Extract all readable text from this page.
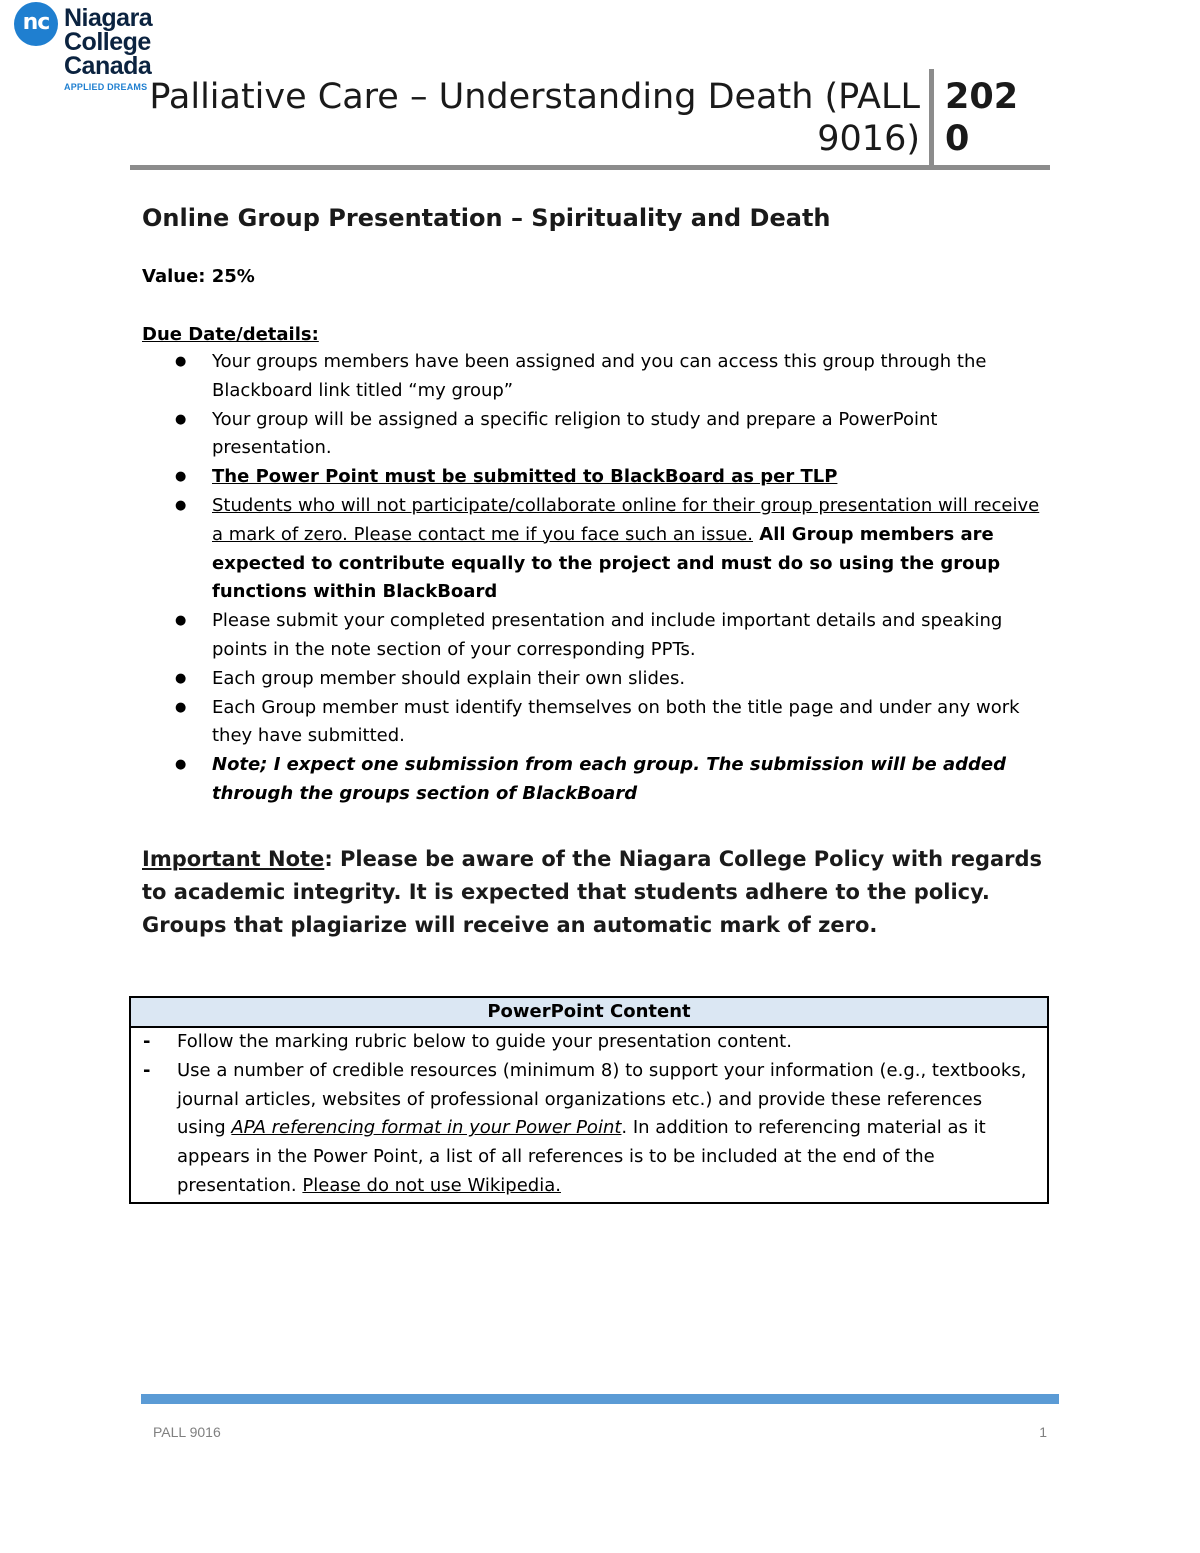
nc Niagara
College
Canada
APPLIED DREAMS Palliative Care – Understanding Death (PALL 9016)
2020
Online Group Presentation – Spirituality and Death

Value: 25%

Due Date/details:

● Your groups members have been assigned and you can access this group through the Blackboard link titled “my group”
● Your group will be assigned a specific religion to study and prepare a PowerPoint presentation.
● The Power Point must be submitted to BlackBoard as per TLP
● Students who will not participate/collaborate online for their group presentation will receive a mark of zero. Please contact me if you face such an issue. All Group members are expected to contribute equally to the project and must do so using the group functions within BlackBoard
● Please submit your completed presentation and include important details and speaking points in the note section of your corresponding PPTs.
● Each group member should explain their own slides.
● Each Group member must identify themselves on both the title page and under any work they have submitted.
● Note; I expect one submission from each group. The submission will be added through the groups section of BlackBoard

Important Note: Please be aware of the Niagara College Policy with regards to academic integrity. It is expected that students adhere to the policy. Groups that plagiarize will receive an automatic mark of zero.

PowerPoint Content
- Follow the marking rubric below to guide your presentation content.
- Use a number of credible resources (minimum 8) to support your information (e.g., textbooks, journal articles, websites of professional organizations etc.) and provide these references using APA referencing format in your Power Point. In addition to referencing material as it appears in the Power Point, a list of all references is to be included at the end of the presentation. Please do not use Wikipedia.
PALL 9016	1
